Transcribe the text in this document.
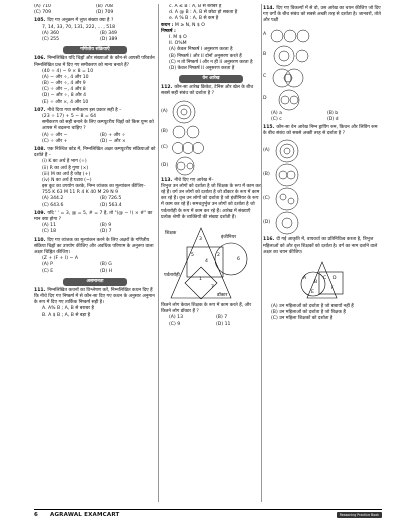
(A) 710	(B) 708
(C) 709	(D) 709
105. दिए गए अनुक्रम में लुप्त संख्या क्या है ?
7, 14, 33, 70, 131, 222, ... , 518
(A) 360	(B) 349
(C) 255	(D) 389
गणितीय संक्रियाएँ
106. निम्नलिखित यदि चिह्नों और संख्याओं के कौन-से आपसी परिवर्तन निम्नलिखित प्रश्न में दिए गए समीकरण को मान्य बनाते हैं?
(40 ÷ 4) − 9 × 8 = 10
(A) − और ÷, 4 और 10
(B) − और ÷, 4 और 9
(C) ÷ और −, 4 और 8
(D) − और ÷, 8 और 4
(E) ÷ और ×, 4 और 10
107. नीचे दिया गया समीकरण इस प्रकार सही है –
(23 ÷ 17) + 5 − 8 = 64
समीकरण को सही बनाने के लिए कम्प्यूटरीय चिह्नों को किस युग्म को आपस में बदलना चाहिए ?
(A) ÷ और −	(B) + और ÷
(C) ÷ और +	(D) − और ×
108. एक निश्चित कोड में, निम्नलिखित अक्षर कम्प्यूटरीय संक्रियाओं को दर्शाते हैं –
(i) K का अर्थ है भाग (÷)
(ii) R का अर्थ है गुणा (×)
(iii) M का अर्थ है जोड़ (+)
(iv) N का अर्थ है घटाव (−)
इस कूट का उपयोग करके, निम्न व्यंजक का मूल्यांकन कीजिए–
755 K 63 M 11 R 4 K 40 M 29 N 9
(A) 344.2	(B) 726.5
(C) 643.6	(D) 563.4
109. यदि ' ' = 3, @ = 5, # = 7 है, तो "(@ − !) × #" का मान क्या होगा ?
(A) 11	(B) 9
(C) 18	(D) 7
110. दिए गए व्यंजक का मूल्यांकन करने के लिए अक्षरों के गणितीय संक्रिया चिह्नों का उपयोग कीजिए और अवधिक परिणाम के अनुरूप वाला अक्षर चिह्नित कीजिए।
(Z + (F + I) − A
(A) P	(B) G
(C) E	(D) H
असमानता
111. निम्नलिखित कथनों का विश्लेषण करें, निम्नलिखित कथन दिए हैं कि नीचे दिए गए निष्कर्ष में से कौन-सा दिए गए कथन के अनुसार अनुमान के रूप में दिए गए तार्किक निष्कर्ष सही है।
A. A% B ; A, B से बराबर है
B. A $ B ; A, B से बड़ा है
c. A ≤ B : A, B से बराबर है
d. A @ B : A, B से छोटा हो सकता है
e. A % B : A, B से कम है
कथन : M ≥ N, N $ O
निष्कर्ष :
I. M $ O
II. O%M
(A) केवल निष्कर्ष I अनुसरण करता है
(B) निष्कर्ष I और II दोनों अनुसरण करते हैं
(C) न तो निष्कर्ष I और न ही II अनुसरण करता है
(D) केवल निष्कर्ष II अनुसरण करता है
वेन आरेख
112. कौन-सा आरेख क्रिकेट, टेनिस और खेल के बीच सबसे सही संबंध को दर्शाता है ?
(A)
(B)
(C)
(D)
113. नीचे दिए गए आरेख में–
त्रिभुज उन लोगों को दर्शाता है जो शिक्षक के रूप में काम कर रहे हैं। वर्ग उन लोगों को दर्शाता है जो डॉक्टर के रूप में काम कर रहे हैं। वृत्त उन लोगों को दर्शाता है जो इंजीनियर के रूप में काम कर रहे हैं। समचतुर्भुज उन लोगों को दर्शाता है जो पर्वतारोही के रूप में काम कर रहे हैं। आरेख में संख्याएँ प्रत्येक श्रेणी के व्यक्तियों की संख्या दर्शाती हैं।
शिक्षक
इंजीनियर
पर्वतारोही
डॉक्टर
3
5
4
2
1
6
7
कितने लोग केवल शिक्षक के रूप में काम करते हैं, और कितने लोग डॉक्टर हैं ?
(A) 13	(B) 7
(C) 9	(D) 11
114. दिए गए विकल्पों में से वो, उस आरेख का चयन कीजिए जो दिए गए वर्गों के बीच संबंध को सबसे अच्छी तरह से दर्शाता है। जानवरों, तोते और पक्षी
A
B
C
D
(A) a	(B) b
(C) c	(D) d
115. कौन-सा वेन आरेख निम्न ड्रायिंग रूम, किचन और लिविंग रूम के बीच संबंध को सबसे अच्छी तरह से दर्शाता है ?
(A)
(B)
(C)
(D)
116. दी गई आकृति में, वायवर्धा का प्रतिनिधित्व करता है, त्रिभुज महिलाओं को और वृत्त शिक्षकों को दर्शाता है। वर्ग का नाम दर्शाने वाले अक्षर का चयन कीजिए।
A
B
C D
E
F
(A) उन महिलाओं को दर्शाता है जो बाबायों नहीं हैं
(B) उन महिलाओं को दर्शाता है जो शिक्षक हैं
(C) उन महिला शिक्षकों को दर्शाता है
6 AGRAWAL EXAMCART	Reasoning Practice Book
